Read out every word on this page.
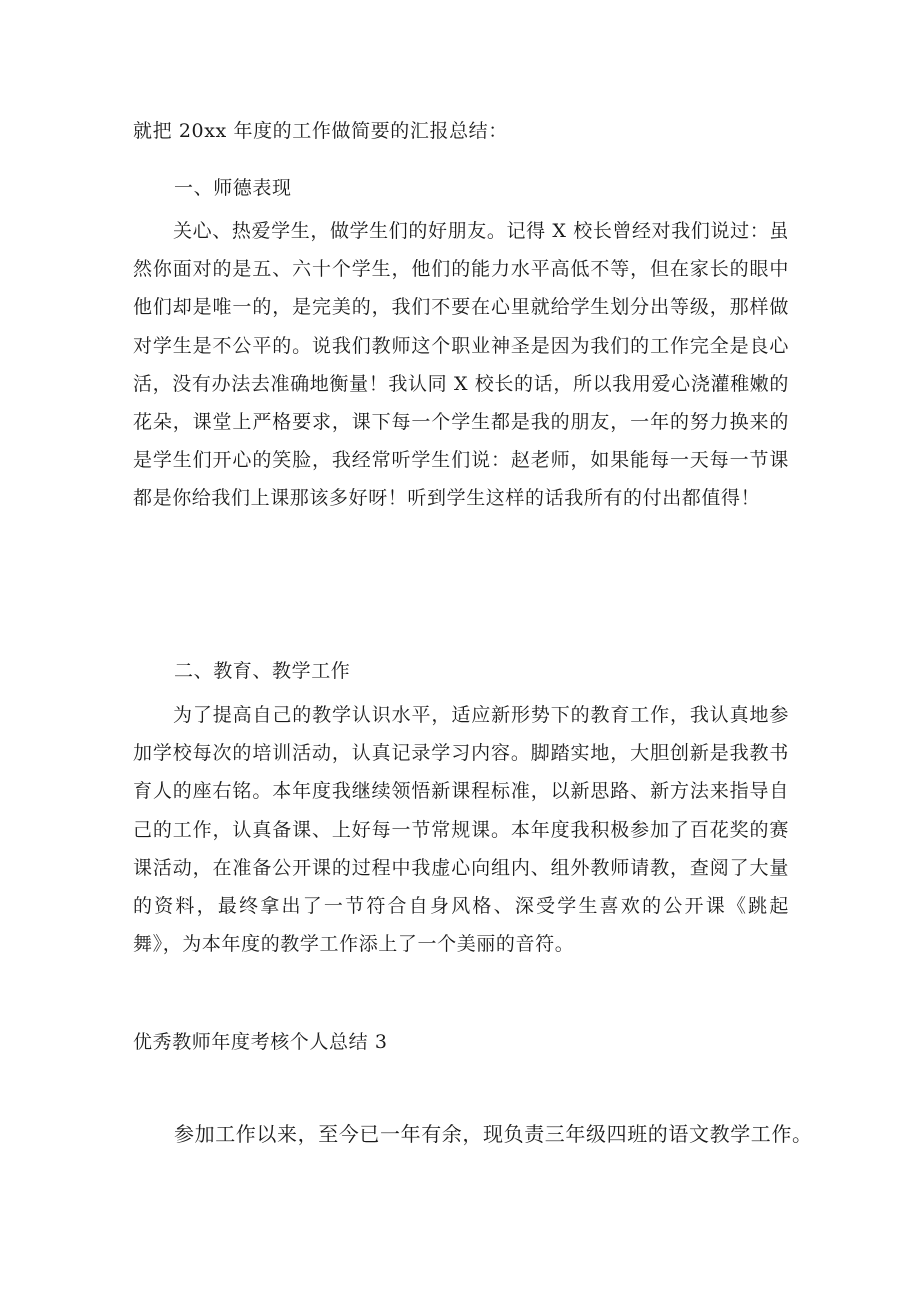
就把 20xx 年度的工作做简要的汇报总结：
一、师德表现

关心、热爱学生，做学生们的好朋友。记得 X 校长曾经对我们说过：虽然你面对的是五、六十个学生，他们的能力水平高低不等，但在家长的眼中他们却是唯一的，是完美的，我们不要在心里就给学生划分出等级，那样做对学生是不公平的。说我们教师这个职业神圣是因为我们的工作完全是良心活，没有办法去准确地衡量！我认同 X 校长的话，所以我用爱心浇灌稚嫩的花朵，课堂上严格要求，课下每一个学生都是我的朋友，一年的努力换来的是学生们开心的笑脸，我经常听学生们说：赵老师，如果能每一天每一节课都是你给我们上课那该多好呀！听到学生这样的话我所有的付出都值得！

二、教育、教学工作

为了提高自己的教学认识水平，适应新形势下的教育工作，我认真地参加学校每次的培训活动，认真记录学习内容。脚踏实地，大胆创新是我教书育人的座右铭。本年度我继续领悟新课程标准，以新思路、新方法来指导自己的工作，认真备课、上好每一节常规课。本年度我积极参加了百花奖的赛课活动，在准备公开课的过程中我虚心向组内、组外教师请教，查阅了大量的资料，最终拿出了一节符合自身风格、深受学生喜欢的公开课《跳起舞》，为本年度的教学工作添上了一个美丽的音符。

优秀教师年度考核个人总结 3
参加工作以来，至今已一年有余，现负责三年级四班的语文教学工作。
